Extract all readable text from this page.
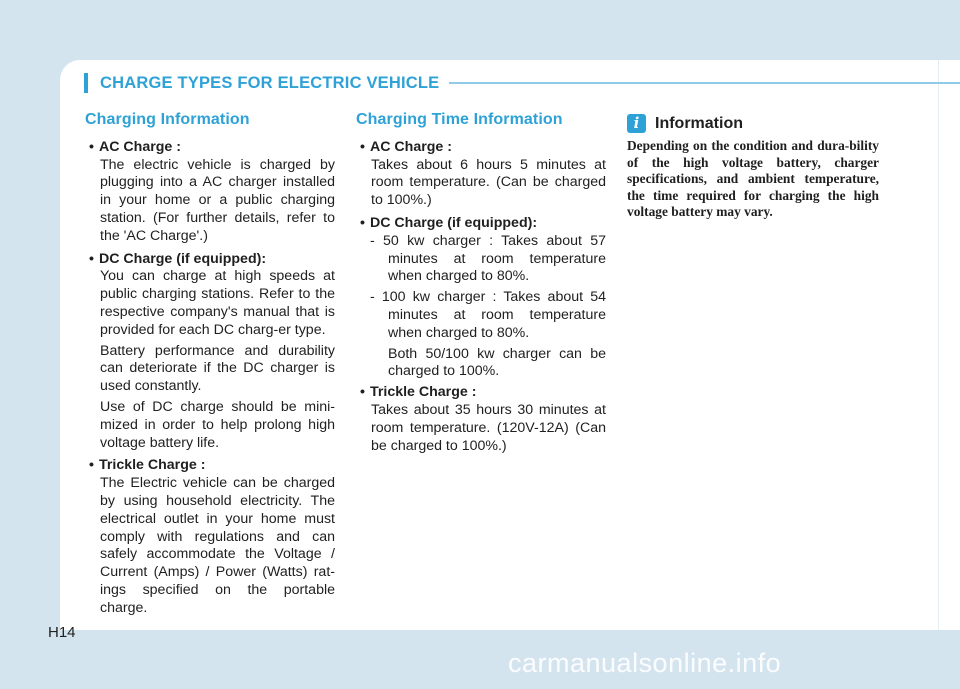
CHARGE TYPES FOR ELECTRIC VEHICLE
Charging Information
• AC Charge :
The electric vehicle is charged by plugging into a AC charger installed in your home or a public charging station. (For further details, refer to the 'AC Charge'.)
• DC Charge (if equipped):
You can charge at high speeds at public charging stations. Refer to the respective company's manual that is provided for each DC charg-er type.
Battery performance and durability can deteriorate if the DC charger is used constantly.
Use of DC charge should be mini-mized in order to help prolong high voltage battery life.
• Trickle Charge :
The Electric vehicle can be charged by using household electricity. The electrical outlet in your home must comply with regulations and can safely accommodate the Voltage / Current (Amps) / Power (Watts) rat-ings specified on the portable charge.
Charging Time Information
• AC Charge :
Takes about 6 hours 5 minutes at room temperature. (Can be charged to 100%.)
• DC Charge (if equipped):
- 50 kw charger : Takes about 57 minutes at room temperature when charged to 80%.
- 100 kw charger : Takes about 54 minutes at room temperature when charged to 80%.
Both 50/100 kw charger can be charged to 100%.
• Trickle Charge :
Takes about 35 hours 30 minutes at room temperature. (120V-12A) (Can be charged to 100%.)
i Information

Depending on the condition and dura-bility of the high voltage battery, charger specifications, and ambient temperature, the time required for charging the high voltage battery may vary.

H14
carmanualsonline.info
